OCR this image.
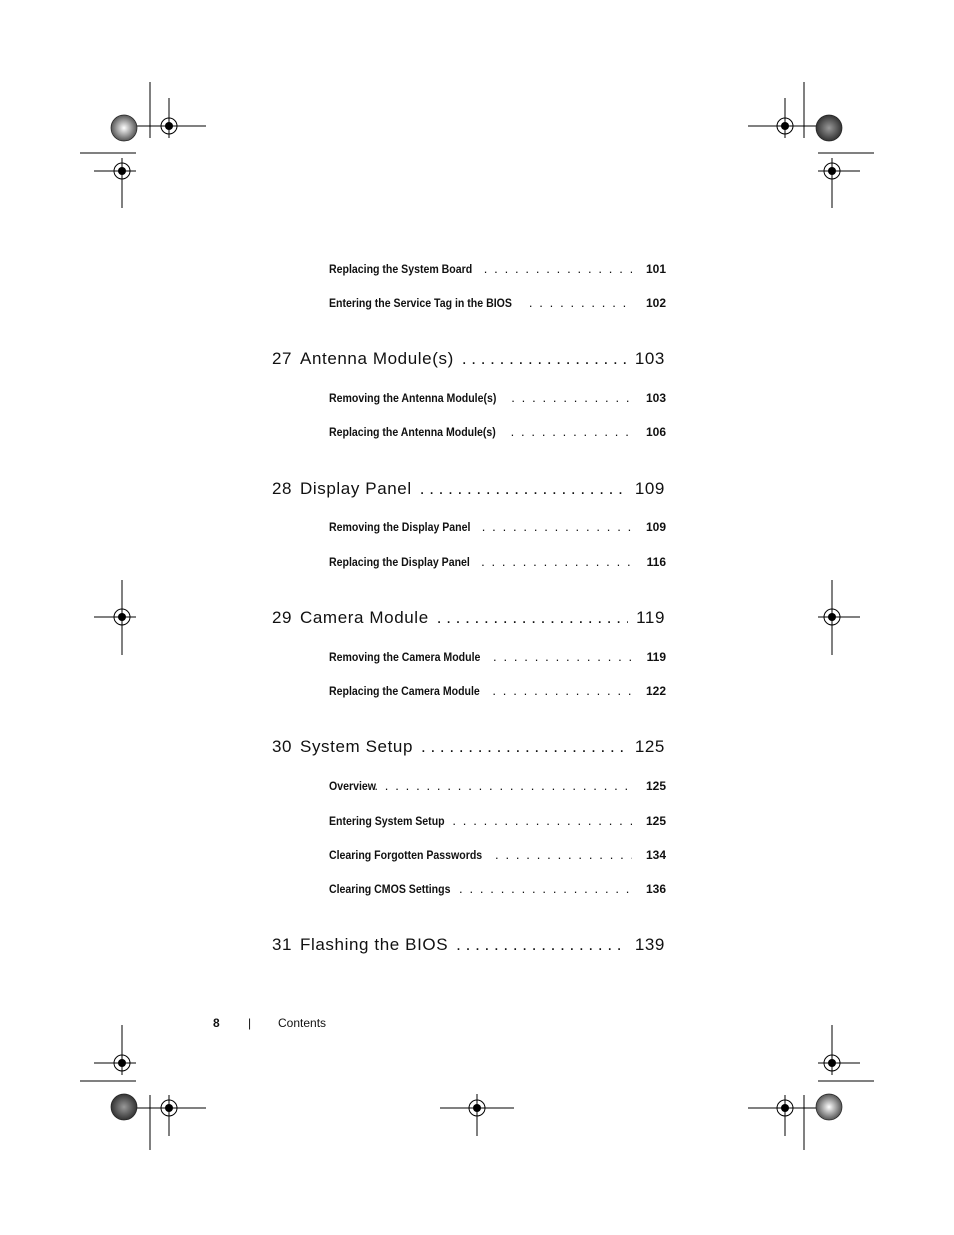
Replacing the System Board . . .	101
Entering the Service Tag in the BIOS . . .	102
27 Antenna Module(s) . . .	103
Removing the Antenna Module(s) . . .	103
Replacing the Antenna Module(s) . . .	106
28 Display Panel . . .	109
Removing the Display Panel . . .	109
Replacing the Display Panel . . .	116
29 Camera Module . . .	119
Removing the Camera Module . . .	119
Replacing the Camera Module . . .	122
30 System Setup . . .	125
Overview . . .	125
Entering System Setup . . .	125
Clearing Forgotten Passwords . . .	134
Clearing CMOS Settings . . .	136
31 Flashing the BIOS . . .	139
8 | Contents
